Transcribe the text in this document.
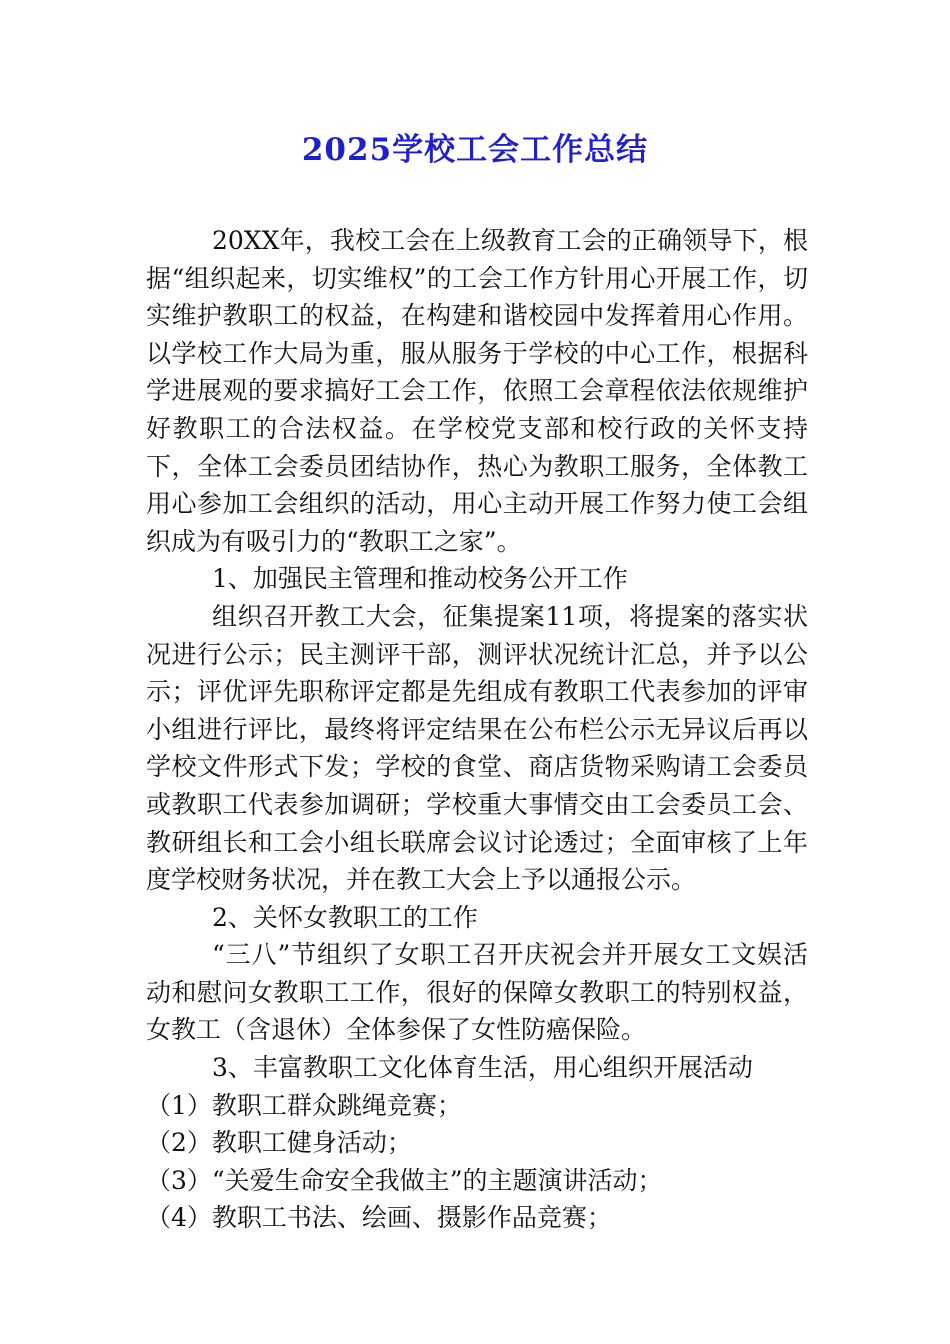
2025学校工会工作总结

20XX年，我校工会在上级教育工会的正确领导下，根据“组织起来，切实维权”的工会工作方针用心开展工作，切实维护教职工的权益，在构建和谐校园中发挥着用心作用。以学校工作大局为重，服从服务于学校的中心工作，根据科学进展观的要求搞好工会工作，依照工会章程依法依规维护好教职工的合法权益。在学校党支部和校行政的关怀支持下，全体工会委员团结协作，热心为教职工服务，全体教工用心参加工会组织的活动，用心主动开展工作努力使工会组织成为有吸引力的“教职工之家”。

1、加强民主管理和推动校务公开工作

组织召开教工大会，征集提案11项，将提案的落实状况进行公示；民主测评干部，测评状况统计汇总，并予以公示；评优评先职称评定都是先组成有教职工代表参加的评审小组进行评比，最终将评定结果在公布栏公示无异议后再以学校文件形式下发；学校的食堂、商店货物采购请工会委员或教职工代表参加调研；学校重大事情交由工会委员工会、教研组长和工会小组长联席会议讨论透过；全面审核了上年度学校财务状况，并在教工大会上予以通报公示。

2、关怀女教职工的工作

“三八”节组织了女职工召开庆祝会并开展女工文娱活动和慰问女教职工工作，很好的保障女教职工的特别权益，女教工（含退休）全体参保了女性防癌保险。

3、丰富教职工文化体育生活，用心组织开展活动

（1）教职工群众跳绳竞赛；

（2）教职工健身活动；

（3）“关爱生命安全我做主”的主题演讲活动；

（4）教职工书法、绘画、摄影作品竞赛；
